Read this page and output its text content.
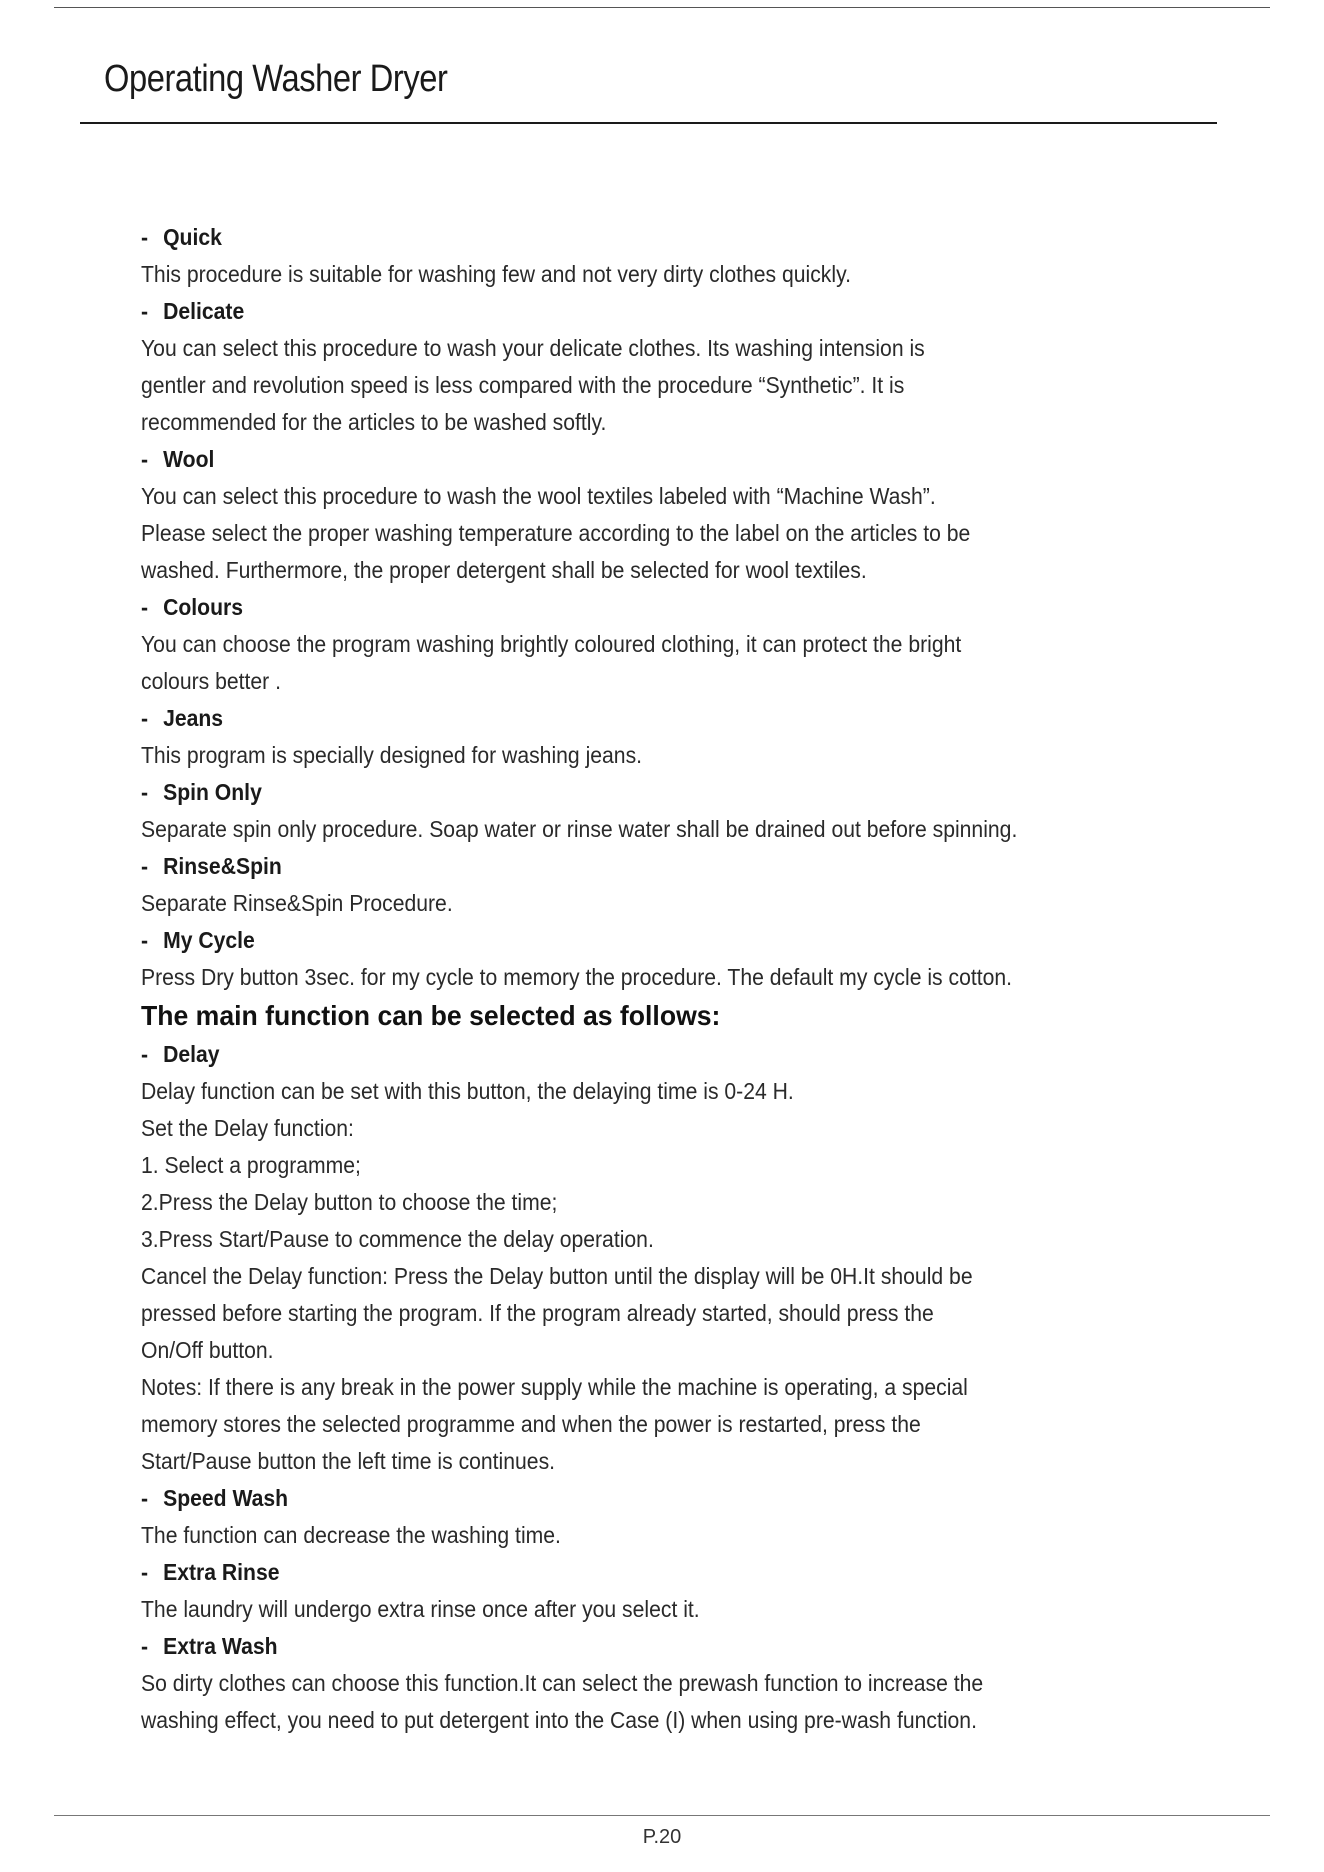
Operating Washer Dryer
- Quick
This procedure is suitable for washing few and not very dirty clothes quickly.
- Delicate
You can select this procedure to wash your delicate clothes. Its washing intension is
gentler and revolution speed is less compared with the procedure “Synthetic”. It is
recommended for the articles to be washed softly.
- Wool
You can select this procedure to wash the wool textiles labeled with “Machine Wash”.
Please select the proper washing temperature according to the label on the articles to be
washed. Furthermore, the proper detergent shall be selected for wool textiles.
- Colours
You can choose the program washing brightly coloured clothing, it can protect the bright
colours better .
- Jeans
This program is specially designed for washing jeans.
- Spin Only
Separate spin only procedure. Soap water or rinse water shall be drained out before spinning.
- Rinse&Spin
Separate Rinse&Spin Procedure.
- My Cycle
Press Dry button 3sec. for my cycle to memory the procedure. The default my cycle is cotton.
The main function can be selected as follows:
- Delay
Delay function can be set with this button, the delaying time is 0-24 H.
Set the Delay function:
1. Select a programme;
2.Press the Delay button to choose the time;
3.Press Start/Pause to commence the delay operation.
Cancel the Delay function: Press the Delay button until the display will be 0H.It should be
pressed before starting the program. If the program already started, should press the
On/Off button.
Notes: If there is any break in the power supply while the machine is operating, a special
memory stores the selected programme and when the power is restarted, press the
Start/Pause button the left time is continues.
- Speed Wash
The function can decrease the washing time.
- Extra Rinse
The laundry will undergo extra rinse once after you select it.
- Extra Wash
So dirty clothes can choose this function.It can select the prewash function to increase the
washing effect, you need to put detergent into the Case (I) when using pre-wash function.
P.20
